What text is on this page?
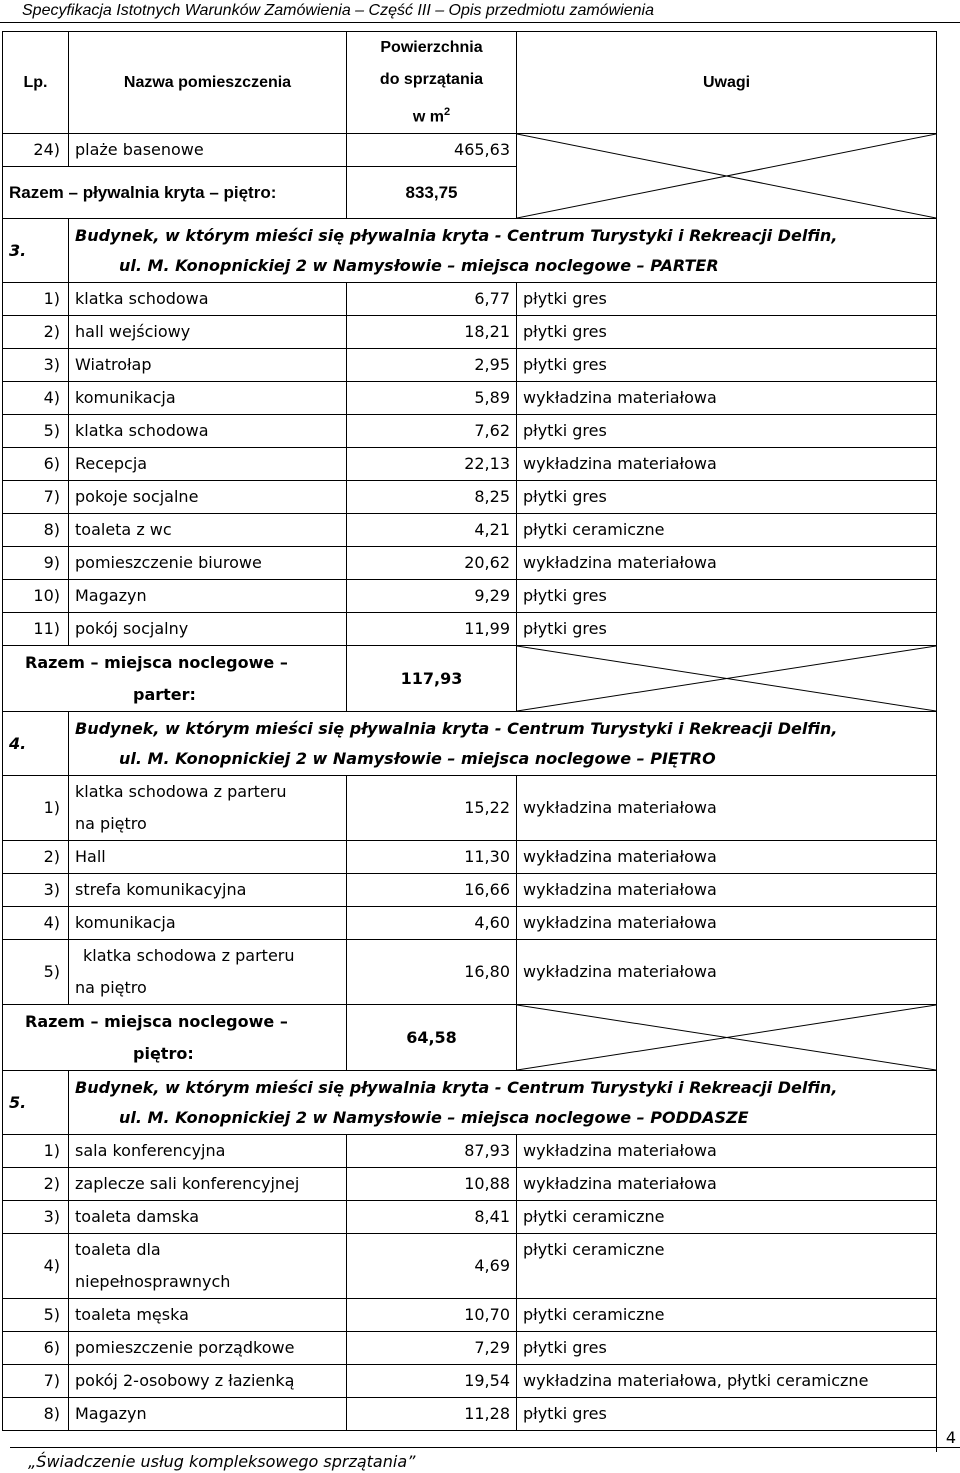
Specyfikacja Istotnych Warunków Zamówienia – Część III – Opis przedmiotu zamówienia
Lp.	Nazwa pomieszczenia	Powierzchnia
do sprzątania
w $m^2$	Uwagi
24)	plaże basenowe	465,63	

Razem – pływalnia kryta – piętro:		833,75	
3.	Budynek, w którym mieści się pływalnia kryta - Centrum Turystyki i Rekreacji Delfin,
ul. M. Konopnickiej 2 w Namysłowie – miejsca noclegowe – PARTER		

1)	klatka schodowa	6,77	płytki gres
2)	hall wejściowy	18,21	płytki gres
3)	Wiatrołap	2,95	płytki gres
4)	komunikacja	5,89	wykładzina materiałowa
5)	klatka schodowa	7,62	płytki gres
6)	Recepcja	22,13	wykładzina materiałowa
7)	pokoje socjalne	8,25	płytki gres
8)	toaleta z wc	4,21	płytki ceramiczne
9)	pomieszczenie biurowe	20,62	wykładzina materiałowa
10)	Magazyn	9,29	płytki gres
11)	pokój socjalny	11,99	płytki gres

Razem – miejsca noclegowe –
parter:		117,93	

4.	Budynek, w którym mieści się pływalnia kryta - Centrum Turystyki i Rekreacji Delfin,
ul. M. Konopnickiej 2 w Namysłowie – miejsca noclegowe – PIĘTRO		

1)	klatka schodowa z parteru
na piętro	15,22	wykładzina materiałowa
2)	Hall	11,30	wykładzina materiałowa
3)	strefa komunikacyjna	16,66	wykładzina materiałowa
4)	komunikacja	4,60	wykładzina materiałowa
5)	klatka schodowa z parteru
na piętro	16,80	wykładzina materiałowa

Razem – miejsca noclegowe –
piętro:		64,58	

5.	Budynek, w którym mieści się pływalnia kryta - Centrum Turystyki i Rekreacji Delfin,
ul. M. Konopnickiej 2 w Namysłowie – miejsca noclegowe – PODDASZE		

1)	sala konferencyjna	87,93	wykładzina materiałowa
2)	zaplecze sali konferencyjnej	10,88	wykładzina materiałowa
3)	toaleta damska	8,41	płytki ceramiczne
4)	toaleta dla
niepełnosprawnych	4,69	płytki ceramiczne
5)	toaleta męska	10,70	płytki ceramiczne
6)	pomieszczenie porządkowe	7,29	płytki gres
7)	pokój 2-osobowy z łazienką	19,54	wykładzina materiałowa, płytki ceramiczne
8)	Magazyn	11,28	płytki gres
4
„Świadczenie usług kompleksowego sprzątania”
